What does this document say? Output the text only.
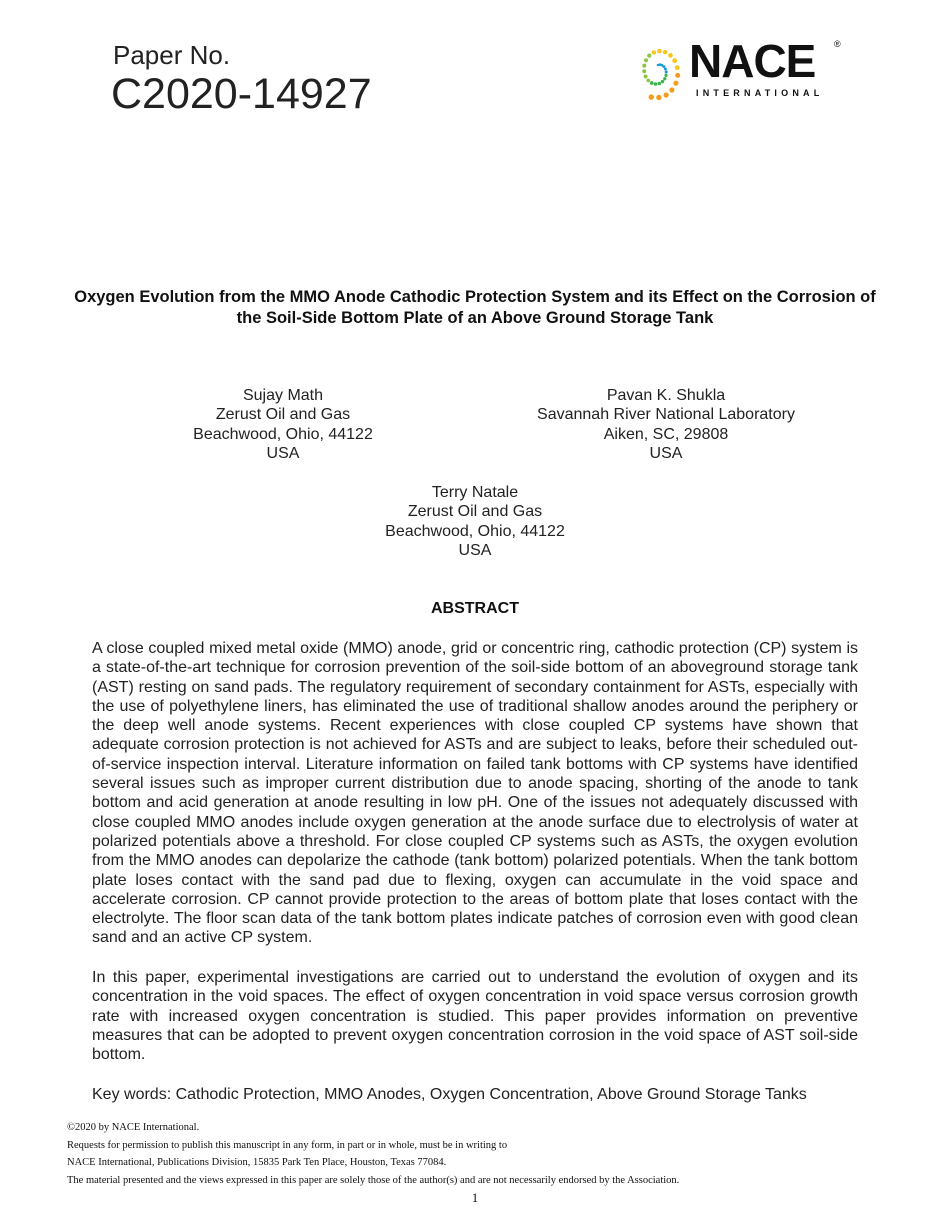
Paper No.
C2020-14927
NACE
INTERNATIONAL
®
Oxygen Evolution from the MMO Anode Cathodic Protection System and its Effect on the Corrosion of the Soil-Side Bottom Plate of an Above Ground Storage Tank
Sujay Math
Zerust Oil and Gas
Beachwood, Ohio, 44122
USA
Pavan K. Shukla
Savannah River National Laboratory
Aiken, SC, 29808
USA
Terry Natale
Zerust Oil and Gas
Beachwood, Ohio, 44122
USA
ABSTRACT

A close coupled mixed metal oxide (MMO) anode, grid or concentric ring, cathodic protection (CP) system is a state-of-the-art technique for corrosion prevention of the soil-side bottom of an aboveground storage tank (AST) resting on sand pads. The regulatory requirement of secondary containment for ASTs, especially with the use of polyethylene liners, has eliminated the use of traditional shallow anodes around the periphery or the deep well anode systems. Recent experiences with close coupled CP systems have shown that adequate corrosion protection is not achieved for ASTs and are subject to leaks, before their scheduled out-of-service inspection interval. Literature information on failed tank bottoms with CP systems have identified several issues such as improper current distribution due to anode spacing, shorting of the anode to tank bottom and acid generation at anode resulting in low pH. One of the issues not adequately discussed with close coupled MMO anodes include oxygen generation at the anode surface due to electrolysis of water at polarized potentials above a threshold. For close coupled CP systems such as ASTs, the oxygen evolution from the MMO anodes can depolarize the cathode (tank bottom) polarized potentials. When the tank bottom plate loses contact with the sand pad due to flexing, oxygen can accumulate in the void space and accelerate corrosion. CP cannot provide protection to the areas of bottom plate that loses contact with the electrolyte. The floor scan data of the tank bottom plates indicate patches of corrosion even with good clean sand and an active CP system.

In this paper, experimental investigations are carried out to understand the evolution of oxygen and its concentration in the void spaces. The effect of oxygen concentration in void space versus corrosion growth rate with increased oxygen concentration is studied. This paper provides information on preventive measures that can be adopted to prevent oxygen concentration corrosion in the void space of AST soil-side bottom.

Key words: Cathodic Protection, MMO Anodes, Oxygen Concentration, Above Ground Storage Tanks
©2020 by NACE International.
Requests for permission to publish this manuscript in any form, in part or in whole, must be in writing to
NACE International, Publications Division, 15835 Park Ten Place, Houston, Texas 77084.
The material presented and the views expressed in this paper are solely those of the author(s) and are not necessarily endorsed by the Association.
1
